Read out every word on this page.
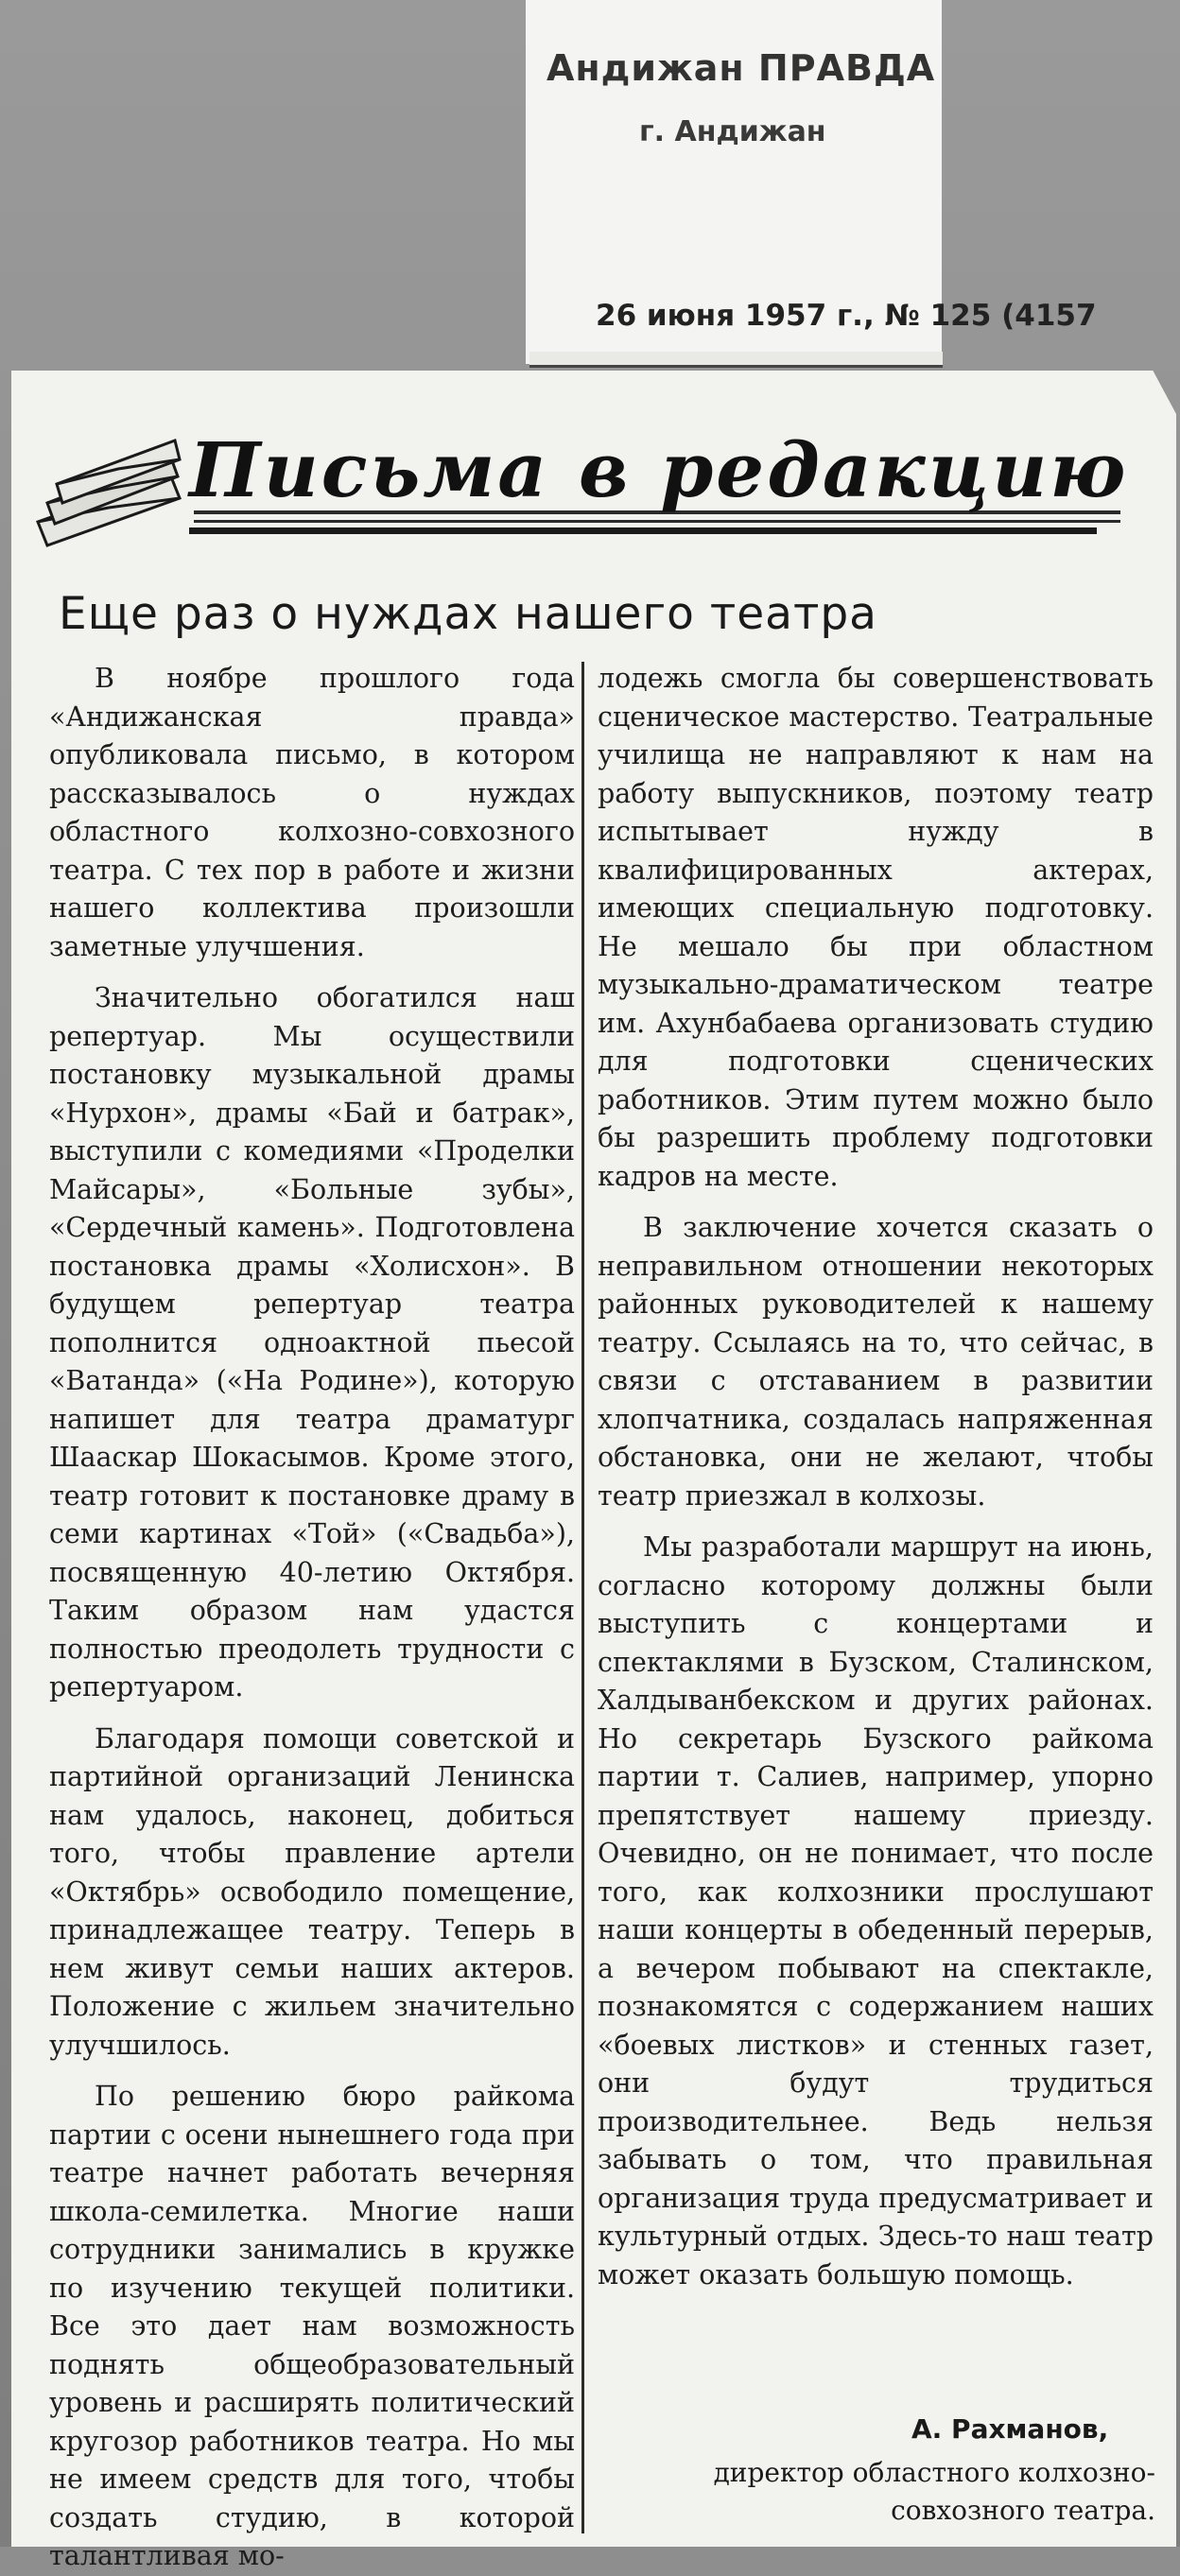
Андижан ПРАВДА
г. Андижан
26 июня 1957 г., № 125 (4157
Письма в редакцию
Еще раз о нуждах нашего театра

В ноябре прошлого года «Андижанская правда» опубликовала письмо, в котором рассказывалось о нуждах областного колхозно-совхозного театра. С тех пор в работе и жизни нашего коллектива произошли заметные улучшения.

Значительно обогатился наш репертуар. Мы осуществили постановку музыкальной драмы «Нурхон», драмы «Бай и батрак», выступили с комедиями «Проделки Майсары», «Больные зубы», «Сердечный камень». Подготовлена постановка драмы «Холисхон». В будущем репертуар театра пополнится одноактной пьесой «Ватанда» («На Родине»), которую напишет для театра драматург Шаaскар Шокасымов. Кроме этого, театр готовит к постановке драму в семи картинах «Той» («Свадьба»), посвященную 40-летию Октября. Таким образом нам удастся полностью преодолеть трудности с репертуаром.

Благодаря помощи советской и партийной организаций Ленинска нам удалось, наконец, добиться того, чтобы правление артели «Октябрь» освободило помещение, принадлежащее театру. Теперь в нем живут семьи наших актеров. Положение с жильем значительно улучшилось.

По решению бюро райкома партии с осени нынешнего года при театре начнет работать вечерняя школа-семилетка. Многие наши сотрудники занимались в кружке по изучению текущей политики. Все это дает нам возможность поднять общеобразовательный уровень и расширять политический кругозор работников театра. Но мы не имеем средств для того, чтобы создать студию, в которой талантливая мо-

лодежь смогла бы совершенствовать сценическое мастерство. Театральные училища не направляют к нам на работу выпускников, поэтому театр испытывает нужду в квалифицированных актерах, имеющих специальную подготовку. Не мешало бы при областном музыкально-драматическом театре им. Ахунбабаева организовать студию для подготовки сценических работников. Этим путем можно было бы разрешить проблему подготовки кадров на месте.

В заключение хочется сказать о неправильном отношении некоторых районных руководителей к нашему театру. Ссылаясь на то, что сейчас, в связи с отставанием в развитии хлопчатника, создалась напряженная обстановка, они не желают, чтобы театр приезжал в колхозы.

Мы разработали маршрут на июнь, согласно которому должны были выступить с концертами и спектаклями в Бузском, Сталинском, Халдыванбекском и других районах. Но секретарь Бузского райкома партии т. Салиев, например, упорно препятствует нашему приезду. Очевидно, он не понимает, что после того, как колхозники прослушают наши концерты в обеденный перерыв, а вечером побывают на спектакле, познакомятся с содержанием наших «боевых листков» и стенных газет, они будут трудиться производительнее. Ведь нельзя забывать о том, что правильная организация труда предусматривает и культурный отдых. Здесь-то наш театр может оказать большую помощь.

А. Рахманов,
директор областного колхозно-совхозного театра.
